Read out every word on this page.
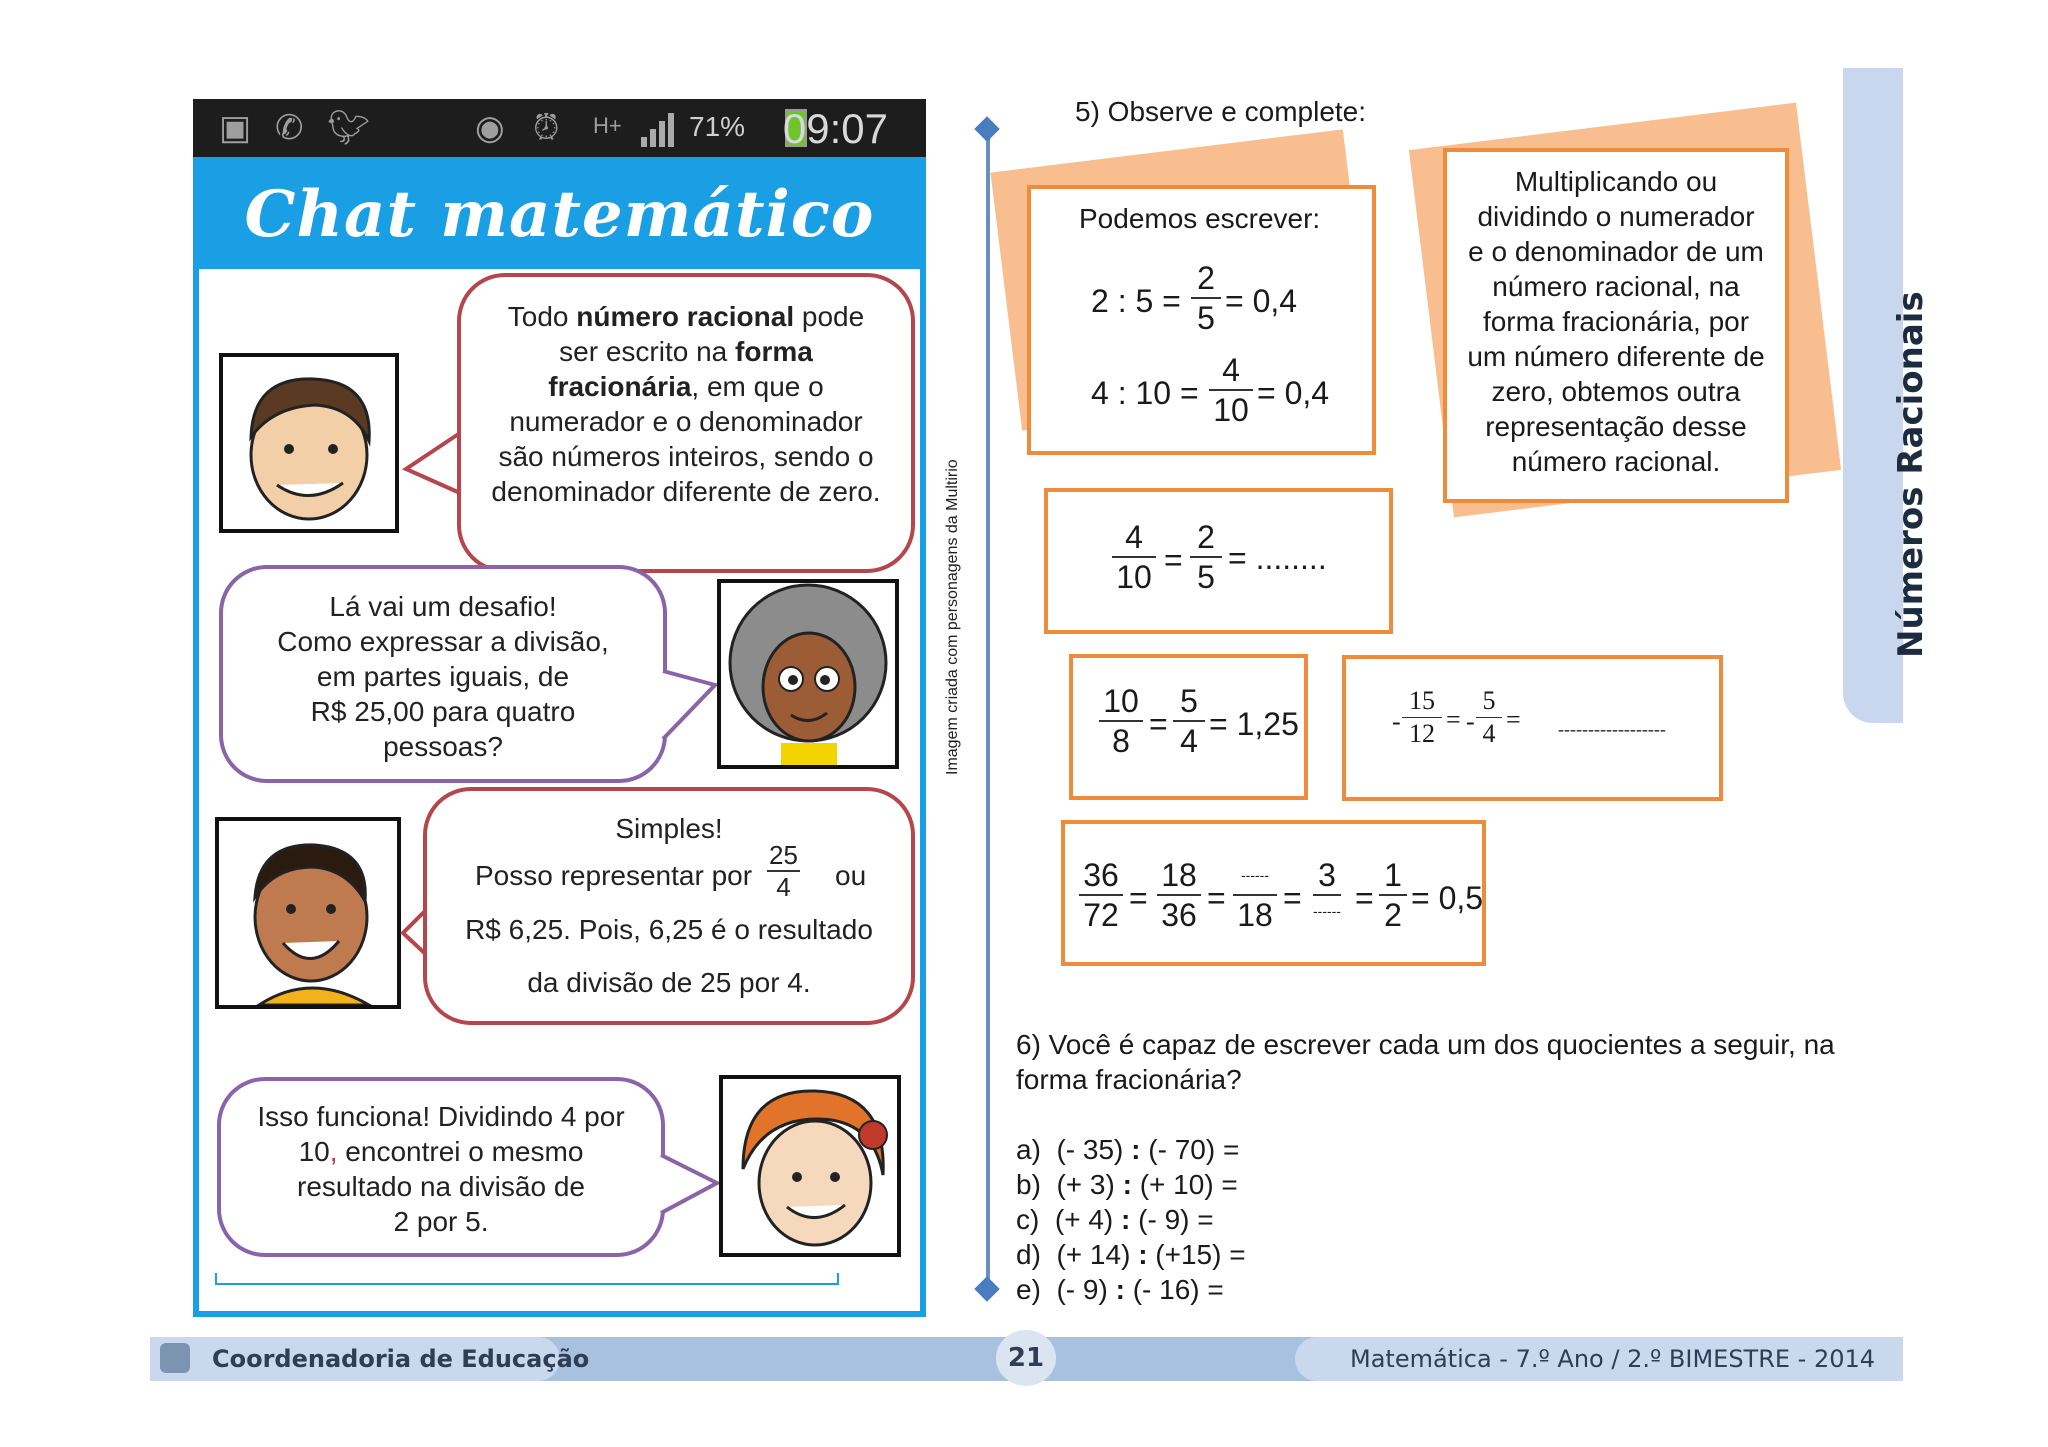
▣ ✆ 🐦︎	◉ ⏰︎ H+ 71% 09:07
Chat matemático
Todo número racional pode ser escrito na forma fracionária, em que o numerador e o denominador são números inteiros, sendo o denominador diferente de zero.
Lá vai um desafio!
Como expressar a divisão,
em partes iguais, de
R$ 25,00 para quatro
pessoas?
Simples!
Posso representar por $\frac{25}{4}$ ou
R$ 6,25. Pois, 6,25 é o resultado
da divisão de 25 por 4.
Isso funciona! Dividindo 4 por
10, encontrei o mesmo
resultado na divisão de
2 por 5.
Imagem criada com personagens da Multirio
5) Observe e complete:
Podemos escrever:
2 : $5 = \frac{2}{5} = 0,4$
4 : $10 = \frac{4}{10} = 0,4$
Multiplicando ou
dividindo o numerador
e o denominador de um
número racional, na
forma fracionária, por
um número diferente de
zero, obtemos outra
representação desse
número racional.
$\frac{4}{10} = \frac{2}{5}$ = ........
$\frac{10}{8} = \frac{5}{4} = 1,25$	- $\frac{15}{12}$ = - $\frac{5}{4}$ = ------------------
$\frac{36}{72} = \frac{18}{36}$ =
------
18 =
3
------ = $\frac{1}{2} = 0,5$
6) Você é capaz de escrever cada um dos quocientes a seguir, na forma fracionária?
a) (- 35) : (- 70) =
b) (+ 3) : (+ 10) =
c) (+ 4) : (- 9) =
d) (+ 14) : (+15) =
e) (- 9) : (- 16) =
Números Racionais
Coordenadoria de Educação	21	Matemática - 7.º Ano / 2.º BIMESTRE - 2014
